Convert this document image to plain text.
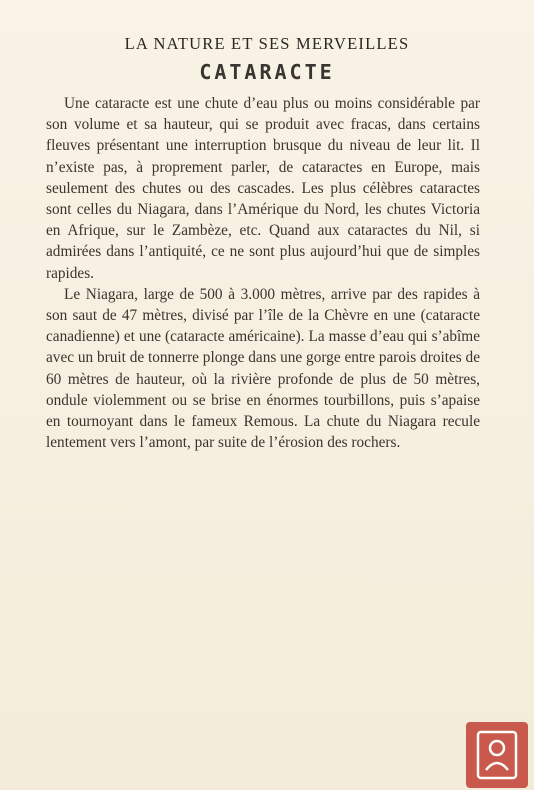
LA NATURE ET SES MERVEILLES
CATARACTE

Une cataracte est une chute d’eau plus ou moins considérable par son volume et sa hauteur, qui se produit avec fracas, dans certains fleuves présentant une interruption brusque du niveau de leur lit. Il n’existe pas, à proprement parler, de cataractes en Europe, mais seulement des chutes ou des cascades. Les plus célèbres cataractes sont celles du Niagara, dans l’Amérique du Nord, les chutes Victoria en Afrique, sur le Zambèze, etc. Quand aux cataractes du Nil, si admirées dans l’antiquité, ce ne sont plus aujourd’hui que de simples rapides.

Le Niagara, large de 500 à 3.000 mètres, arrive par des rapides à son saut de 47 mètres, divisé par l’île de la Chèvre en une (cataracte canadienne) et une (cataracte américaine). La masse d’eau qui s’abîme avec un bruit de tonnerre plonge dans une gorge entre parois droites de 60 mètres de hauteur, où la rivière profonde de plus de 50 mètres, ondule violemment ou se brise en énormes tourbillons, puis s’apaise en tournoyant dans le fameux Remous. La chute du Niagara recule lentement vers l’amont, par suite de l’érosion des rochers.
